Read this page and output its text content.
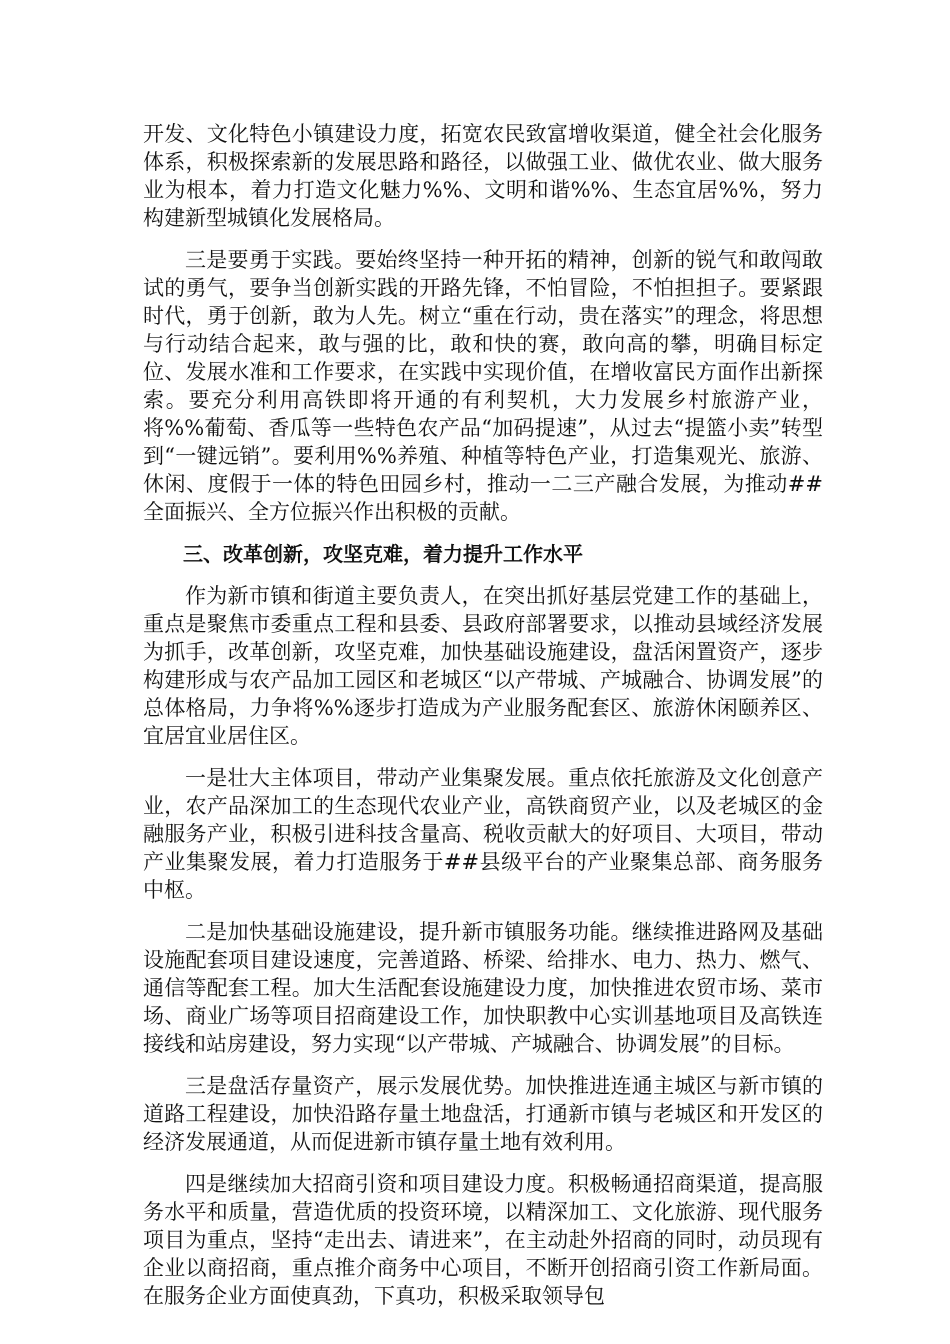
开发、文化特色小镇建设力度，拓宽农民致富增收渠道，健全社会化服务体系，积极探索新的发展思路和路径，以做强工业、做优农业、做大服务业为根本，着力打造文化魅力%%、文明和谐%%、生态宜居%%，努力构建新型城镇化发展格局。

三是要勇于实践。要始终坚持一种开拓的精神，创新的锐气和敢闯敢试的勇气，要争当创新实践的开路先锋，不怕冒险，不怕担担子。要紧跟时代，勇于创新，敢为人先。树立“重在行动，贵在落实”的理念，将思想与行动结合起来，敢与强的比，敢和快的赛，敢向高的攀，明确目标定位、发展水准和工作要求，在实践中实现价值，在增收富民方面作出新探索。要充分利用高铁即将开通的有利契机，大力发展乡村旅游产业，将%%葡萄、香瓜等一些特色农产品“加码提速”，从过去“提篮小卖”转型到“一键远销”。要利用%%养殖、种植等特色产业，打造集观光、旅游、休闲、度假于一体的特色田园乡村，推动一二三产融合发展，为推动##全面振兴、全方位振兴作出积极的贡献。

三、改革创新，攻坚克难，着力提升工作水平

作为新市镇和街道主要负责人，在突出抓好基层党建工作的基础上，重点是聚焦市委重点工程和县委、县政府部署要求，以推动县域经济发展为抓手，改革创新，攻坚克难，加快基础设施建设，盘活闲置资产，逐步构建形成与农产品加工园区和老城区“以产带城、产城融合、协调发展”的总体格局，力争将%%逐步打造成为产业服务配套区、旅游休闲颐养区、宜居宜业居住区。

一是壮大主体项目，带动产业集聚发展。重点依托旅游及文化创意产业，农产品深加工的生态现代农业产业，高铁商贸产业，以及老城区的金融服务产业，积极引进科技含量高、税收贡献大的好项目、大项目，带动产业集聚发展，着力打造服务于##县级平台的产业聚集总部、商务服务中枢。

二是加快基础设施建设，提升新市镇服务功能。继续推进路网及基础设施配套项目建设速度，完善道路、桥梁、给排水、电力、热力、燃气、通信等配套工程。加大生活配套设施建设力度，加快推进农贸市场、菜市场、商业广场等项目招商建设工作，加快职教中心实训基地项目及高铁连接线和站房建设，努力实现“以产带城、产城融合、协调发展”的目标。

三是盘活存量资产，展示发展优势。加快推进连通主城区与新市镇的道路工程建设，加快沿路存量土地盘活，打通新市镇与老城区和开发区的经济发展通道，从而促进新市镇存量土地有效利用。

四是继续加大招商引资和项目建设力度。积极畅通招商渠道，提高服务水平和质量，营造优质的投资环境，以精深加工、文化旅游、现代服务项目为重点，坚持“走出去、请进来”，在主动赴外招商的同时，动员现有企业以商招商，重点推介商务中心项目，不断开创招商引资工作新局面。在服务企业方面使真劲，下真功，积极采取领导包
